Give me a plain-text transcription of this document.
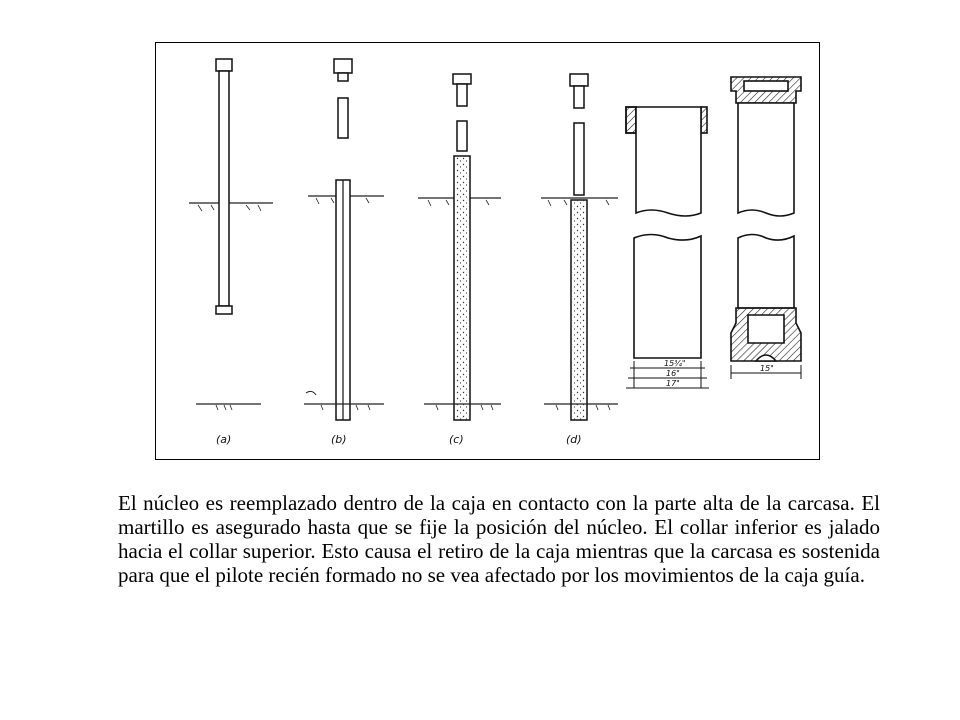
(a)	(b)	(c)	(d)
15¾"
16"
17"
15"

El núcleo es reemplazado dentro de la caja en contacto con la parte alta de la carcasa. El martillo es asegurado hasta que se fije la posición del núcleo. El collar inferior es jalado hacia el collar superior. Esto causa el retiro de la caja mientras que la carcasa es sostenida para que el pilote recién formado no se vea afectado por los movimientos de la caja guía.
